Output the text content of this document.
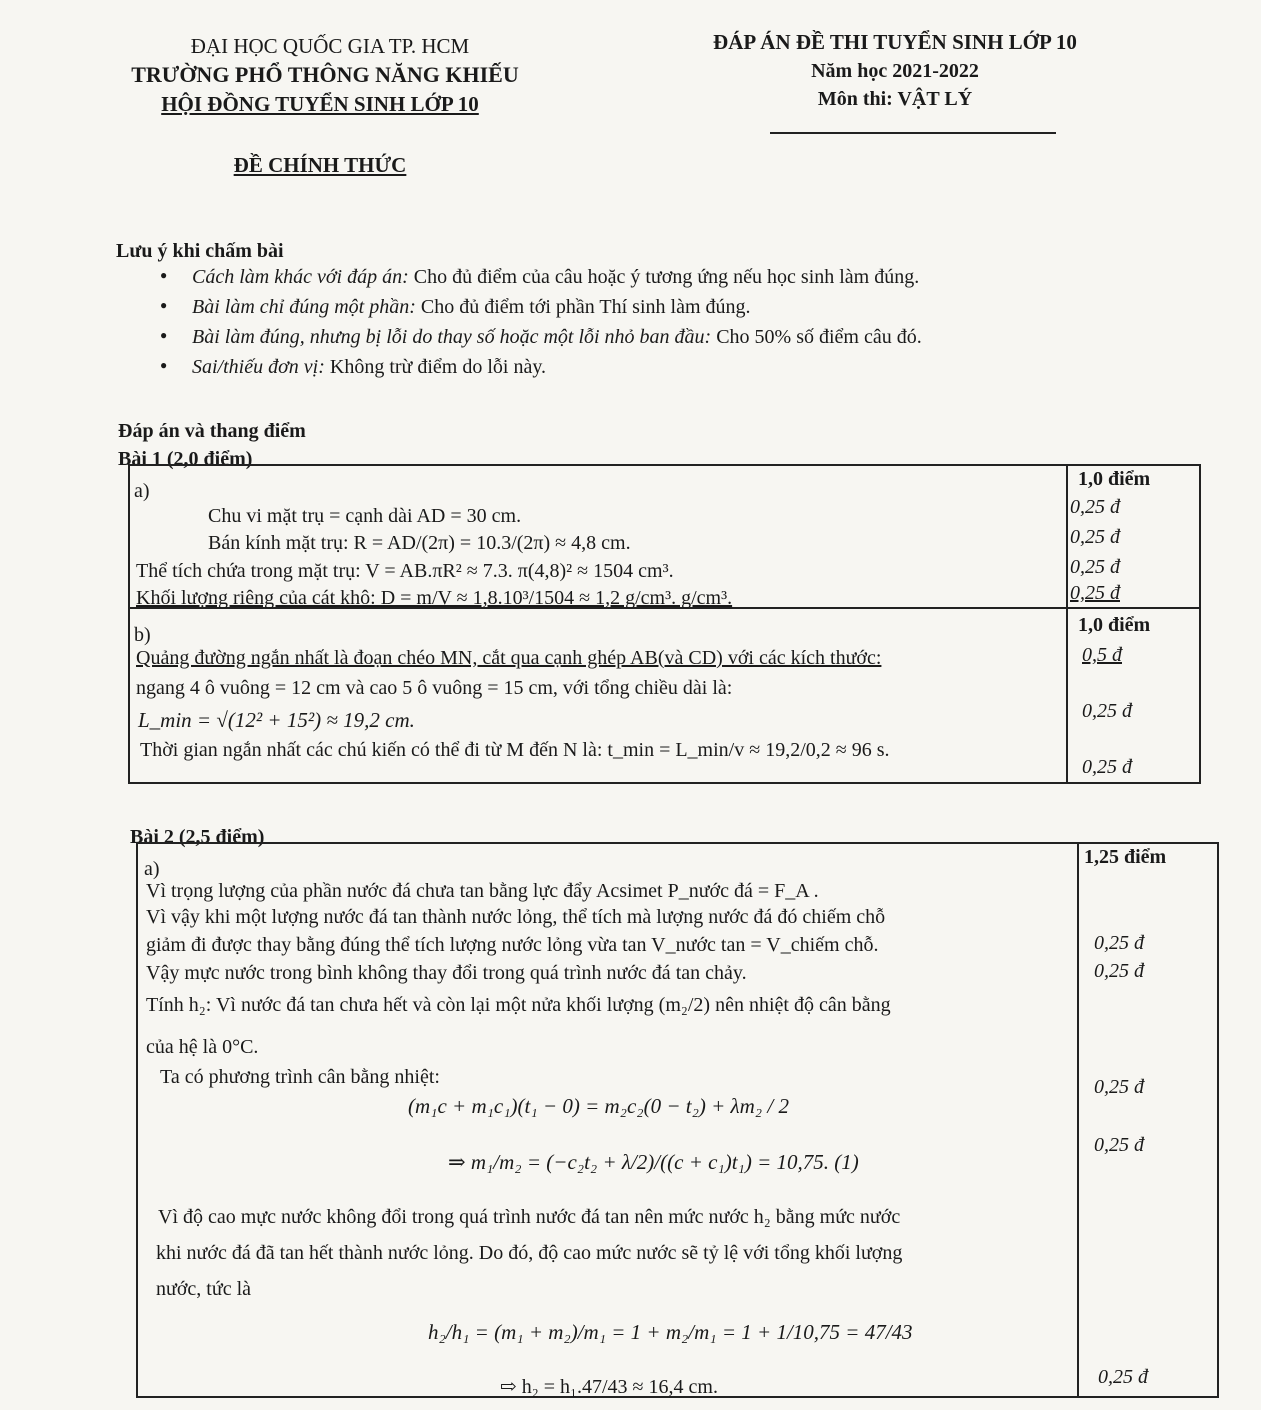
ĐẠI HỌC QUỐC GIA TP. HCM
TRƯỜNG PHỔ THÔNG NĂNG KHIẾU
HỘI ĐỒNG TUYỂN SINH LỚP 10
ĐÁP ÁN ĐỀ THI TUYỂN SINH LỚP 10
Năm học 2021-2022
Môn thi: VẬT LÝ
ĐỀ CHÍNH THỨC
Lưu ý khi chấm bài
● Cách làm khác với đáp án: Cho đủ điểm của câu hoặc ý tương ứng nếu học sinh làm đúng.
● Bài làm chỉ đúng một phần: Cho đủ điểm tới phần Thí sinh làm đúng.
● Bài làm đúng, nhưng bị lỗi do thay số hoặc một lỗi nhỏ ban đầu: Cho 50% số điểm câu đó.
● Sai/thiếu đơn vị: Không trừ điểm do lỗi này.
Đáp án và thang điểm
Bài 1 (2,0 điểm)
a)
1,0 điểm
Chu vi mặt trụ = cạnh dài AD = 30 cm.
Bán kính mặt trụ: R = AD/(2π) = 10.3/(2π) ≈ 4,8 cm.
Thể tích chứa trong mặt trụ: V = AB.πR² ≈ 7.3. π(4,8)² ≈ 1504 cm³.
Khối lượng riêng của cát khô: D = m/V ≈ 1,8.10³/1504 ≈ 1,2 g/cm³. g/cm³.
0,25 đ
0,25 đ
0,25 đ
0,25 đ
b)	1,0 điểm
Quảng đường ngắn nhất là đoạn chéo MN, cắt qua cạnh ghép AB(và CD) với các kích thước:
ngang 4 ô vuông = 12 cm và cao 5 ô vuông = 15 cm, với tổng chiều dài là:
L_min = √(12² + 15²) ≈ 19,2 cm.
Thời gian ngắn nhất các chú kiến có thể đi từ M đến N là: t_min = L_min/v ≈ 19,2/0,2 ≈ 96 s.
0,5 đ
0,25 đ
0,25 đ
Bài 2 (2,5 điểm)
a)
1,25 điểm
Vì trọng lượng của phần nước đá chưa tan bằng lực đẩy Acsimet P_nước đá = F_A .
Vì vậy khi một lượng nước đá tan thành nước lỏng, thể tích mà lượng nước đá đó chiếm chỗ
giảm đi được thay bằng đúng thể tích lượng nước lỏng vừa tan V_nước tan = V_chiếm chỗ.
Vậy mực nước trong bình không thay đổi trong quá trình nước đá tan chảy.
Tính h₂: Vì nước đá tan chưa hết và còn lại một nửa khối lượng (m₂/2) nên nhiệt độ cân bằng
của hệ là 0°C.
Ta có phương trình cân bằng nhiệt:
(m₁c + m₁c₁)(t₁ − 0) = m₂c₂(0 − t₂) + λm₂ / 2
⇒ m₁/m₂ = (−c₂t₂ + λ/2)/((c + c₁)t₁) = 10,75. (1)
Vì độ cao mực nước không đổi trong quá trình nước đá tan nên mức nước h₂ bằng mức nước
khi nước đá đã tan hết thành nước lỏng. Do đó, độ cao mức nước sẽ tỷ lệ với tổng khối lượng
nước, tức là
h₂/h₁ = (m₁ + m₂)/m₁ = 1 + m₂/m₁ = 1 + 1/10,75 = 47/43
⇨ h₂ = h₁.47/43 ≈ 16,4 cm.
0,25 đ
0,25 đ
0,25 đ
0,25 đ
0,25 đ
